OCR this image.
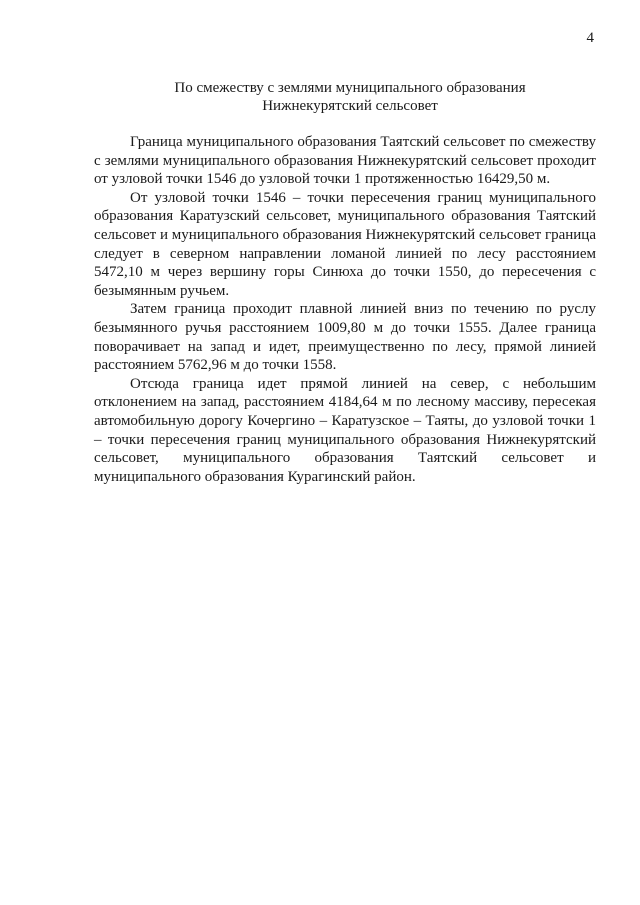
4
По смежеству с землями муниципального образования
Нижнекурятский сельсовет

Граница муниципального образования Таятский сельсовет по смежеству с землями муниципального образования Нижнекурятский сельсовет проходит от узловой точки 1546 до узловой точки 1 протяженностью 16429,50 м.

От узловой точки 1546 – точки пересечения границ муниципального образования Каратузский сельсовет, муниципального образования Таятский сельсовет и муниципального образования Нижнекурятский сельсовет граница следует в северном направлении ломаной линией по лесу расстоянием 5472,10 м через вершину горы Синюха до точки 1550, до пересечения с безымянным ручьем.

Затем граница проходит плавной линией вниз по течению по руслу безымянного ручья расстоянием 1009,80 м до точки 1555. Далее граница поворачивает на запад и идет, преимущественно по лесу, прямой линией расстоянием 5762,96 м до точки 1558.

Отсюда граница идет прямой линией на север, с небольшим отклонением на запад, расстоянием 4184,64 м по лесному массиву, пересекая автомобильную дорогу Кочергино – Каратузское – Таяты, до узловой точки 1 – точки пересечения границ муниципального образования Нижнекурятский сельсовет, муниципального образования Таятский сельсовет и муниципального образования Курагинский район.
